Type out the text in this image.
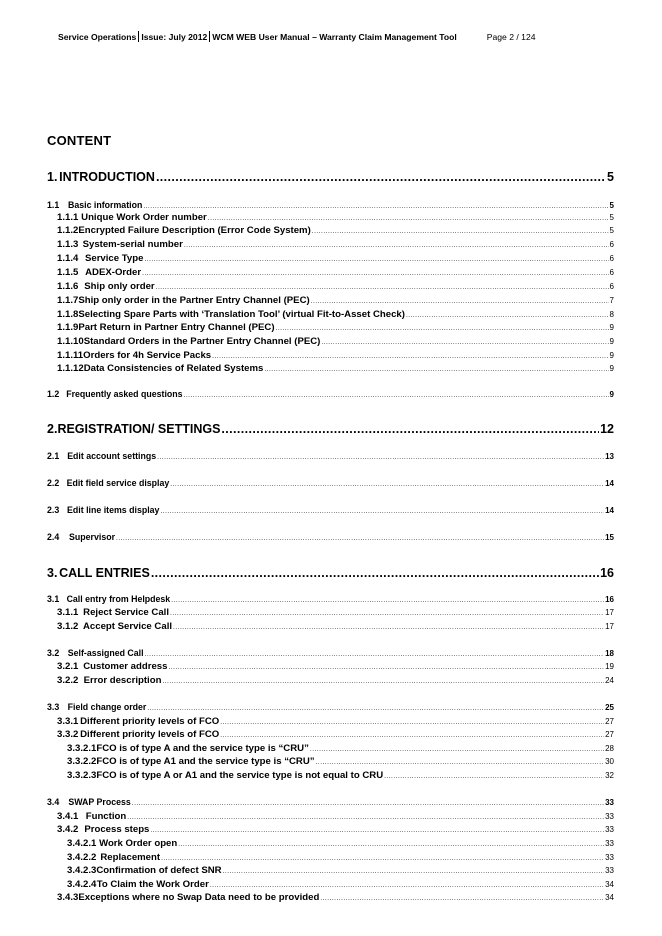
Service Operations Issue: July 2012 WCM WEB User Manual – Warranty Claim Management Tool	Page 2 / 124
CONTENT
1. INTRODUCTION .....	5
1.1 Basic information .....	5
1.1.1 Unique Work Order number .....	5
1.1.2 Encrypted Failure Description (Error Code System) .....	5
1.1.3 System-serial number .....	6
1.1.4 Service Type .....	6
1.1.5 ADEX-Order .....	6
1.1.6 Ship only order .....	6
1.1.7 Ship only order in the Partner Entry Channel (PEC) .....	7
1.1.8 Selecting Spare Parts with ‘Translation Tool’ (virtual Fit-to-Asset Check) .....	8
1.1.9 Part Return in Partner Entry Channel (PEC) .....	9
1.1.10 Standard Orders in the Partner Entry Channel (PEC) .....	9
1.1.11 Orders for 4h Service Packs .....	9
1.1.12 Data Consistencies of Related Systems .....	9
1.2 Frequently asked questions .....	9
2. REGISTRATION/ SETTINGS .....	12
2.1 Edit account settings .....	13
2.2 Edit field service display .....	14
2.3 Edit line items display .....	14
2.4	Supervisor .....	15
3. CALL ENTRIES .....	16
3.1 Call entry from Helpdesk .....	16
3.1.1 Reject Service Call .....	17
3.1.2 Accept Service Call .....	17
3.2 Self-assigned Call .....	18
3.2.1 Customer address .....	19
3.2.2 Error description .....	24
3.3 Field change order .....	25
3.3.1 Different priority levels of FCO .....	27
3.3.2 Different priority levels of FCO .....	27
3.3.2.1 FCO is of type A and the service type is “CRU” .....	28
3.3.2.2 FCO is of type A1 and the service type is “CRU” .....	30
3.3.2.3 FCO is of type A or A1 and the service type is not equal to CRU .....	32
3.4	SWAP Process .....	33
3.4.1 Function .....	33
3.4.2 Process steps .....	33
3.4.2.1 Work Order open .....	33
3.4.2.2 Replacement .....	33
3.4.2.3 Confirmation of defect SNR .....	33
3.4.2.4 To Claim the Work Order .....	34
3.4.3 Exceptions where no Swap Data need to be provided .....	34
